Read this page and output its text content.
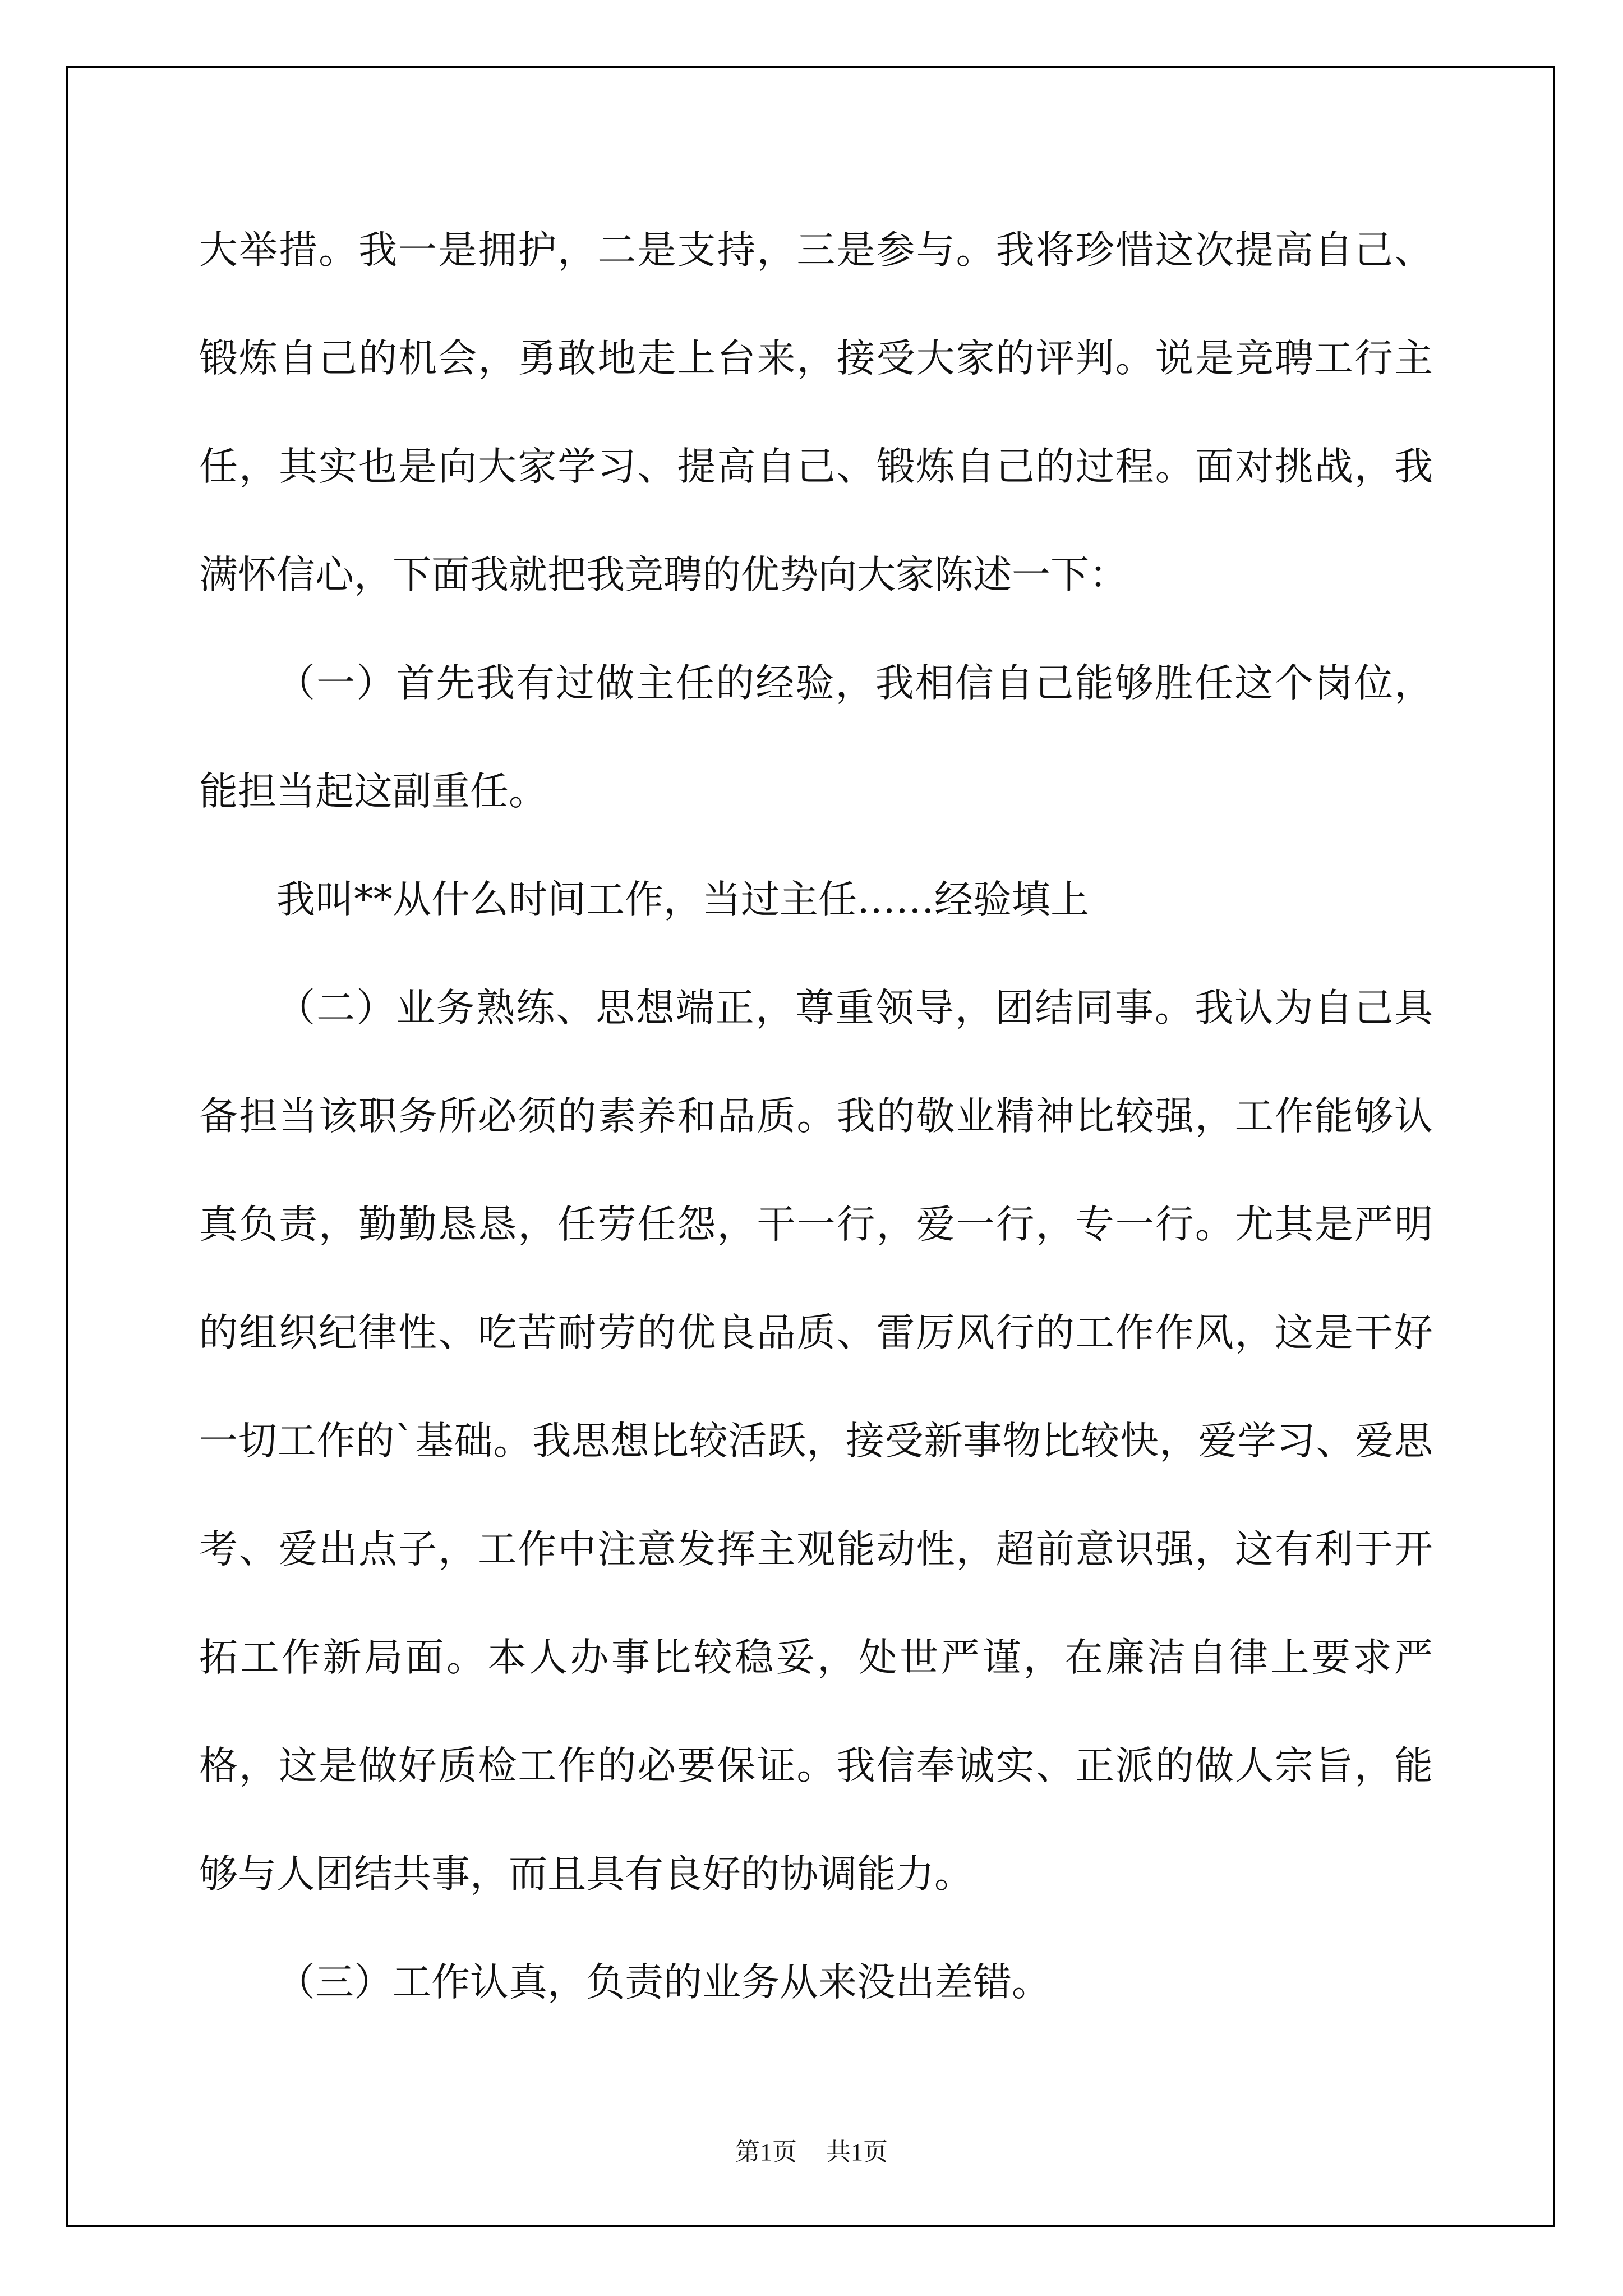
大举措。我一是拥护，二是支持，三是参与。我将珍惜这次提高自己、锻炼自己的机会，勇敢地走上台来，接受大家的评判。说是竞聘工行主任，其实也是向大家学习、提高自己、锻炼自己的过程。面对挑战，我满怀信心，下面我就把我竞聘的优势向大家陈述一下：

（一）首先我有过做主任的经验，我相信自己能够胜任这个岗位，能担当起这副重任。

我叫**从什么时间工作，当过主任……经验填上

（二）业务熟练、思想端正，尊重领导，团结同事。我认为自己具备担当该职务所必须的素养和品质。我的敬业精神比较强，工作能够认真负责，勤勤恳恳，任劳任怨，干一行，爱一行，专一行。尤其是严明的组织纪律性、吃苦耐劳的优良品质、雷厉风行的工作作风，这是干好一切工作的`基础。我思想比较活跃，接受新事物比较快，爱学习、爱思考、爱出点子，工作中注意发挥主观能动性，超前意识强，这有利于开拓工作新局面。本人办事比较稳妥，处世严谨，在廉洁自律上要求严格，这是做好质检工作的必要保证。我信奉诚实、正派的做人宗旨，能够与人团结共事，而且具有良好的协调能力。

（三）工作认真，负责的业务从来没出差错。

第1页 共1页
